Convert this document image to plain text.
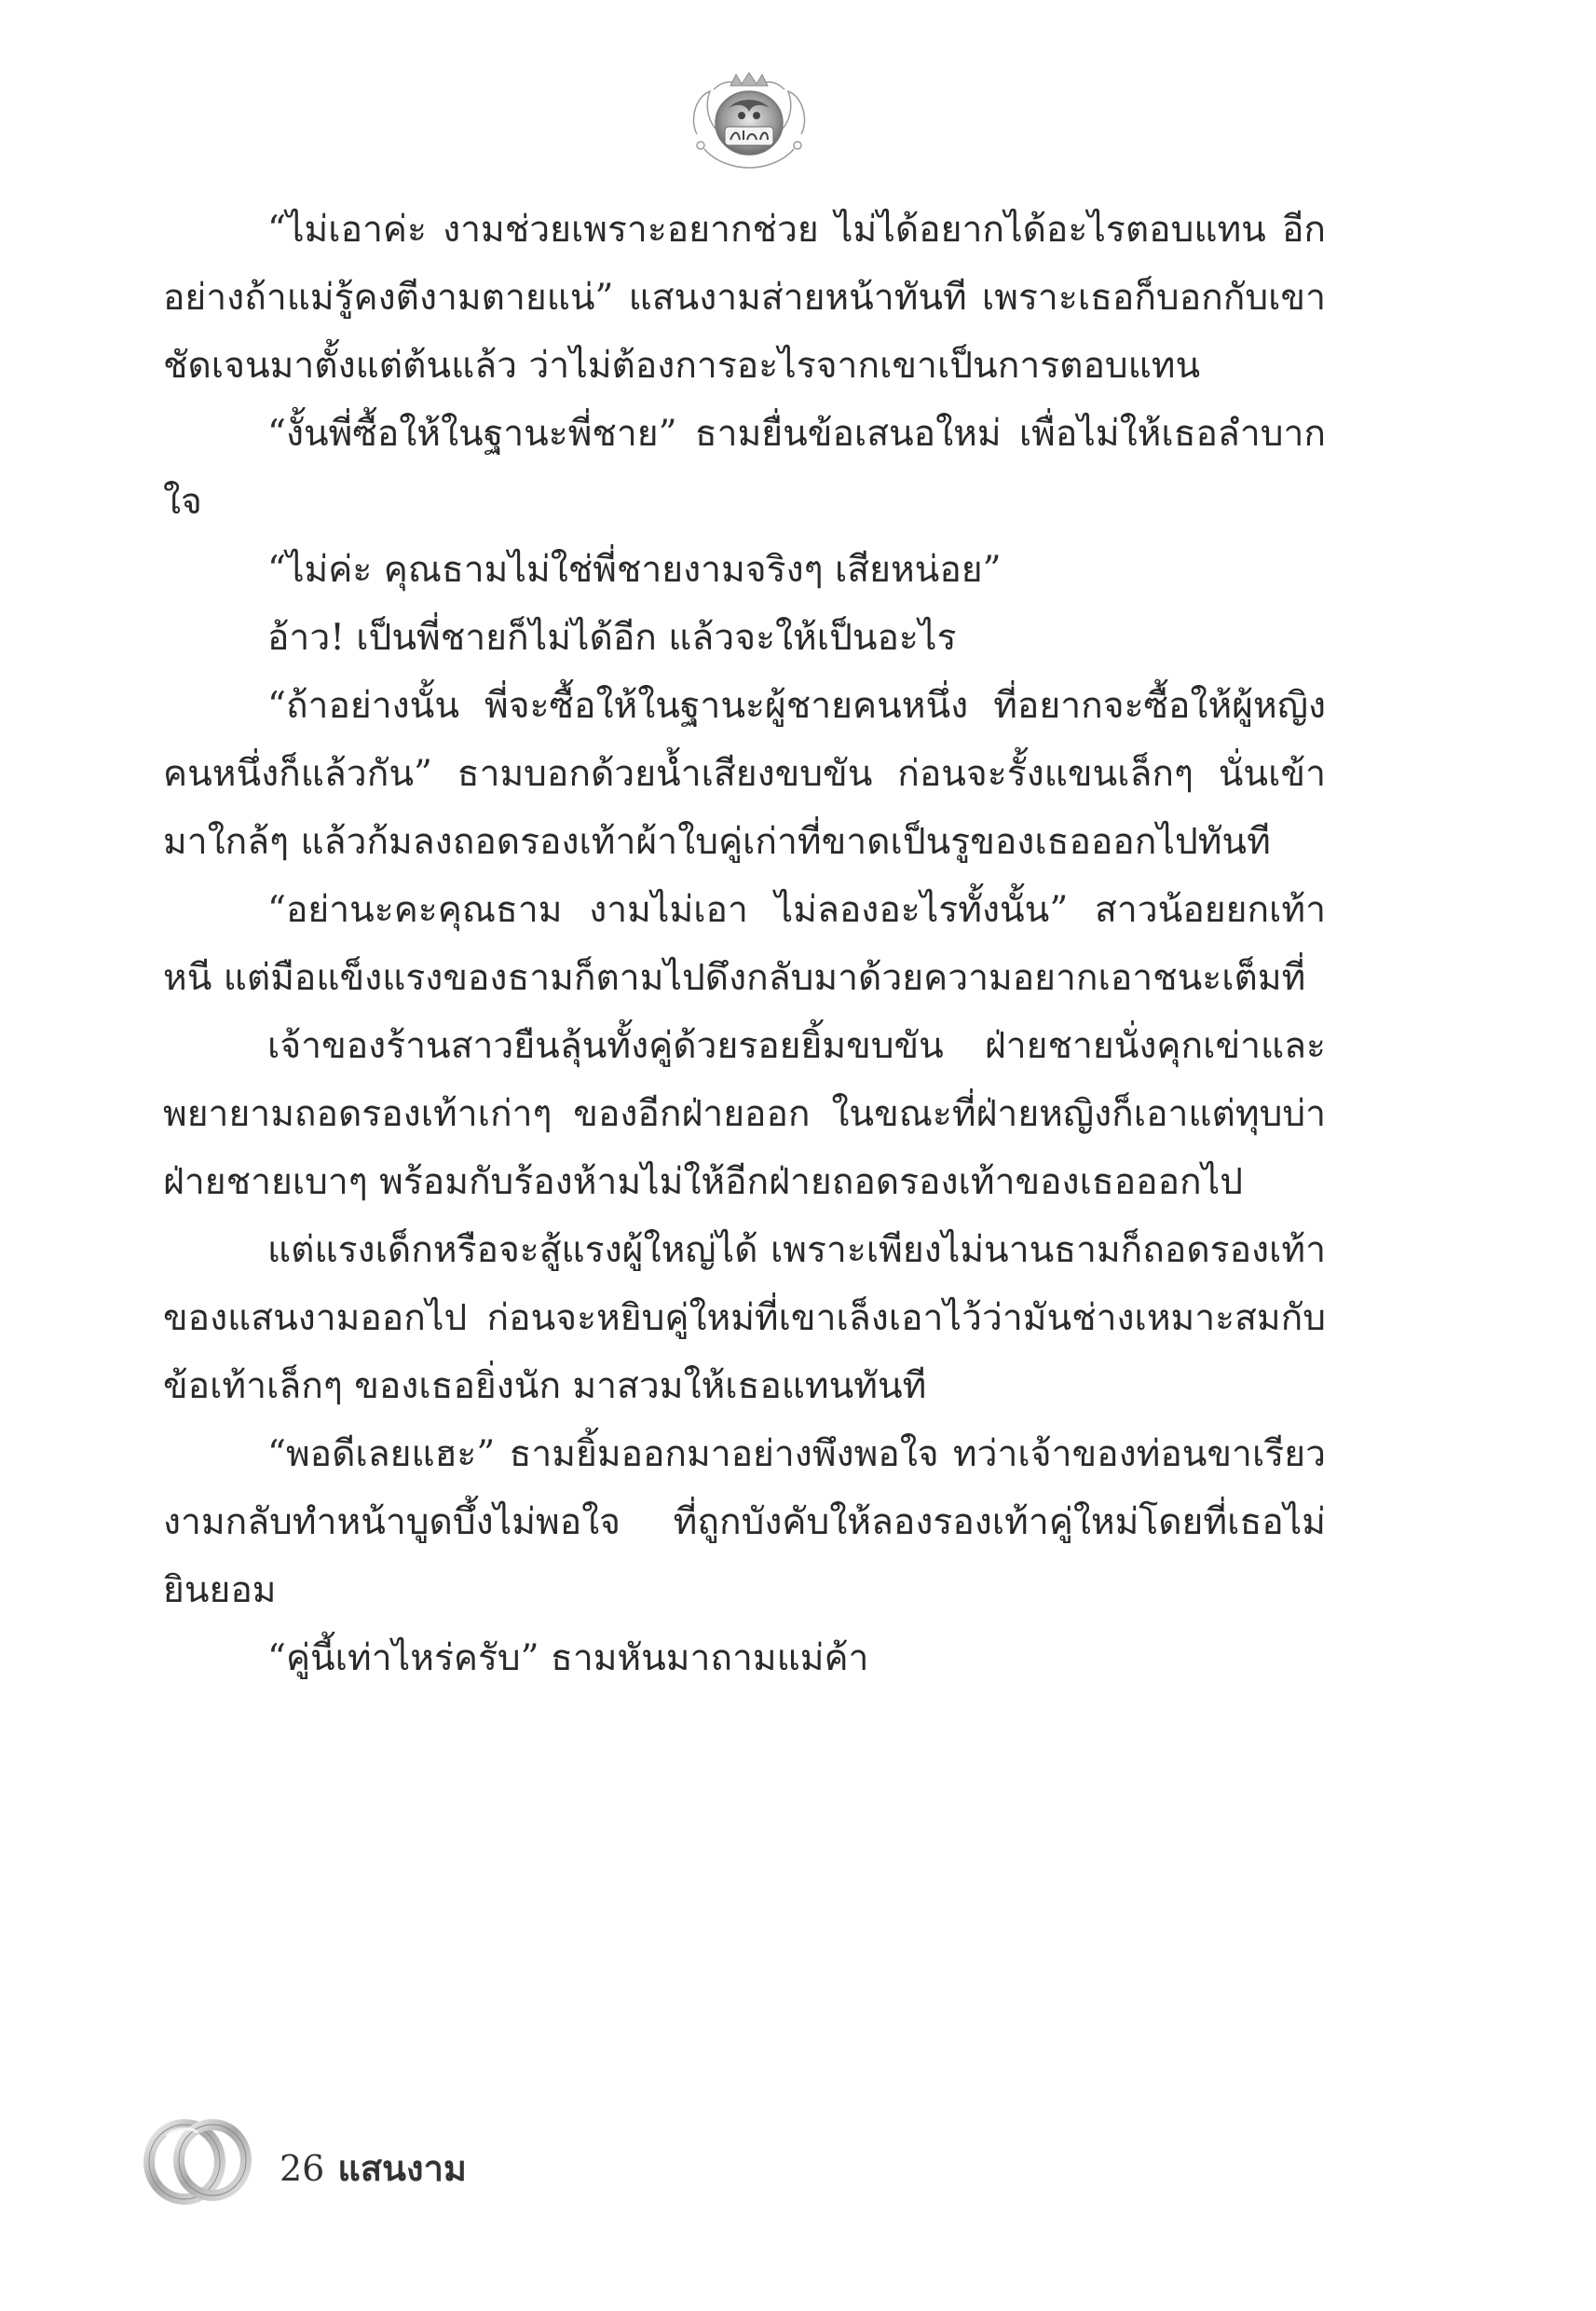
“ไม่เอาค่ะ งามช่วยเพราะอยากช่วย ไม่ได้อยากได้อะไรตอบแทน อีกอย่างถ้าแม่รู้คงตีงามตายแน่” แสนงามส่ายหน้าทันที เพราะเธอก็บอกกับเขาชัดเจนมาตั้งแต่ต้นแล้ว ว่าไม่ต้องการอะไรจากเขาเป็นการตอบแทน

“งั้นพี่ซื้อให้ในฐานะพี่ชาย” ธามยื่นข้อเสนอใหม่ เพื่อไม่ให้เธอลำบากใจ

“ไม่ค่ะ คุณธามไม่ใช่พี่ชายงามจริงๆ เสียหน่อย”

อ้าว! เป็นพี่ชายก็ไม่ได้อีก แล้วจะให้เป็นอะไร

“ถ้าอย่างนั้น พี่จะซื้อให้ในฐานะผู้ชายคนหนึ่ง ที่อยากจะซื้อให้ผู้หญิงคนหนึ่งก็แล้วกัน” ธามบอกด้วยน้ำเสียงขบขัน ก่อนจะรั้งแขนเล็กๆ นั่นเข้ามาใกล้ๆ แล้วก้มลงถอดรองเท้าผ้าใบคู่เก่าที่ขาดเป็นรูของเธอออกไปทันที

“อย่านะคะคุณธาม งามไม่เอา ไม่ลองอะไรทั้งนั้น” สาวน้อยยกเท้าหนี แต่มือแข็งแรงของธามก็ตามไปดึงกลับมาด้วยความอยากเอาชนะเต็มที่

เจ้าของร้านสาวยืนลุ้นทั้งคู่ด้วยรอยยิ้มขบขัน ฝ่ายชายนั่งคุกเข่าและพยายามถอดรองเท้าเก่าๆ ของอีกฝ่ายออก ในขณะที่ฝ่ายหญิงก็เอาแต่ทุบบ่าฝ่ายชายเบาๆ พร้อมกับร้องห้ามไม่ให้อีกฝ่ายถอดรองเท้าของเธอออกไป

แต่แรงเด็กหรือจะสู้แรงผู้ใหญ่ได้ เพราะเพียงไม่นานธามก็ถอดรองเท้าของแสนงามออกไป ก่อนจะหยิบคู่ใหม่ที่เขาเล็งเอาไว้ว่ามันช่างเหมาะสมกับข้อเท้าเล็กๆ ของเธอยิ่งนัก มาสวมให้เธอแทนทันที

“พอดีเลยแฮะ” ธามยิ้มออกมาอย่างพึงพอใจ ทว่าเจ้าของท่อนขาเรียวงามกลับทำหน้าบูดบึ้งไม่พอใจ ที่ถูกบังคับให้ลองรองเท้าคู่ใหม่โดยที่เธอไม่ยินยอม

“คู่นี้เท่าไหร่ครับ” ธามหันมาถามแม่ค้า

26 แสนงาม
